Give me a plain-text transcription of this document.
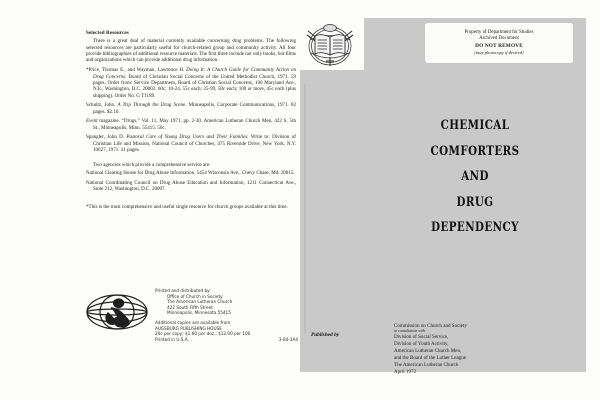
Selected Resources

There is a great deal of material currently available concerning drug problems. The following selected resources are particularly useful for church-related group and community activity. All four provide bibliographies of additional resource materials. The first three include not only books, but films and organizations which can provide additional drug information.

*Price, Thomas E., and Wayman, Lawrence H. Doing It: A Church Guide for Community Action on Drug Concerns. Board of Christian Social Concerns of the United Methodist Church, 1971. 59 pages. Order from: Service Department, Board of Christian Social Concerns, 100 Maryland Ave., N.E., Washington, D.C. 20002. 60c; 10-24, 55c each; 25-99, 50c each; 100 or more, 45c each (plus shipping). Order No. G T1189.

Schultz, John. A Trip Through the Drug Scene. Minneapolis, Corporate Communications, 1971. 82 pages. $2.10.

Event magazine. “Drugs,” Vol. 11, May 1971, pp. 2-30. American Lutheran Church Men, 422 S. 5th St., Minneapolis, Minn. 55415. 50c.

Spangler, John D. Pastoral Care of Young Drug Users and Their Families. Write to: Division of Christian Life and Mission, National Council of Churches, 475 Riverside Drive, New York, N.Y. 10027, 1971. 31 pages.

Two agencies which provide a comprehensive service are:

National Clearing House for Drug Abuse Information, 5454 Wisconsin Ave., Chevy Chase, Md. 20015.

National Coordinating Council on Drug Abuse Education and Information, 1211 Connecticut Ave., Suite 212, Washington, D.C. 20007.

*This is the most comprehensive and useful single resource for church groups available at this time.

Printed and distributed by:
Office of Church in Society
The American Lutheran Church
422 South Fifth Street
Minneapolis, Minnesota 55415
Additional copies are available from
AUGSBURG PUBLISHING HOUSE
20c per copy; $1.60 per doz.; $12.00 per 100
Printed in U.S.A.	3-84-3A4
Property of Department for Studies
Archived Document
DO NOT REMOVE
(may photocopy if desired)
CHEMICAL
COMFORTERS
AND
DRUG
DEPENDENCY
Commission on Church and Society
in consultation with
Division of Social Service,
Division of Youth Activity,
American Lutheran Church Men,
and the Board of the Luther League
The American Lutheran Church
April 1972
Published by
